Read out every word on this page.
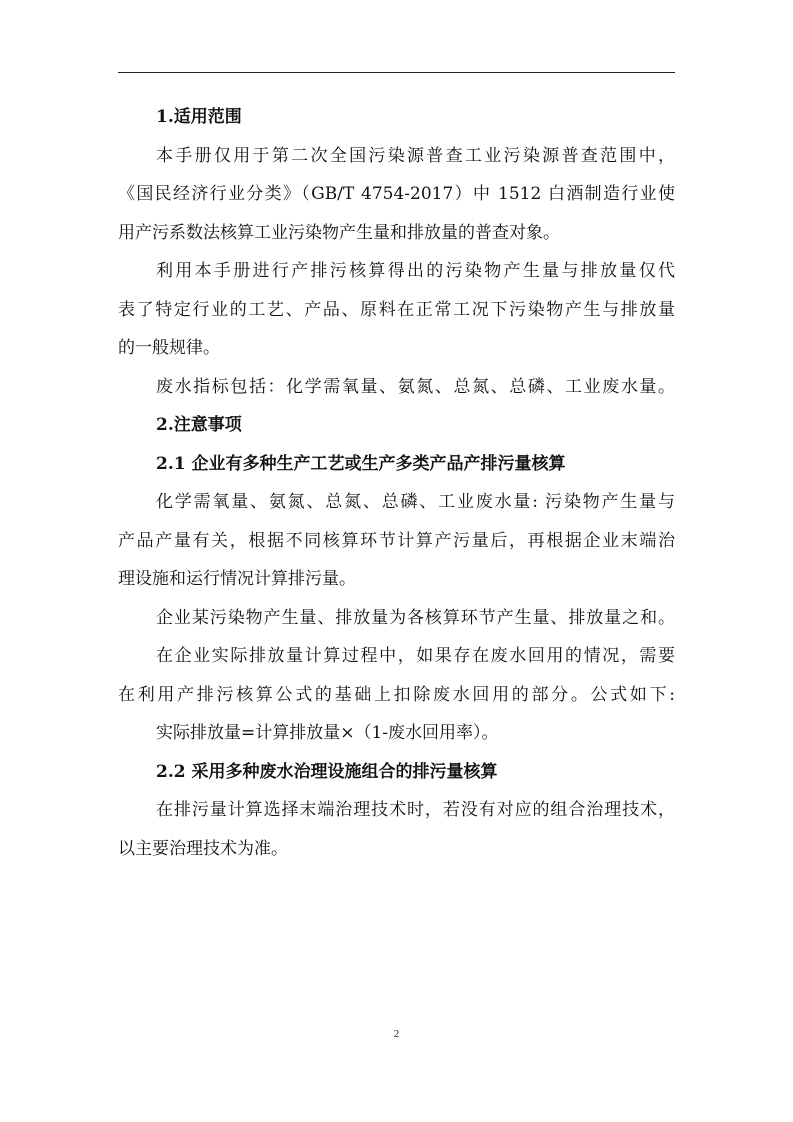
1.适用范围
本手册仅用于第二次全国污染源普查工业污染源普查范围中，
《国民经济行业分类》（GB/T 4754-2017）中 1512 白酒制造行业使
用产污系数法核算工业污染物产生量和排放量的普查对象。
利用本手册进行产排污核算得出的污染物产生量与排放量仅代
表了特定行业的工艺、产品、原料在正常工况下污染物产生与排放量
的一般规律。
废水指标包括：化学需氧量、氨氮、总氮、总磷、工业废水量。
2.注意事项
2.1 企业有多种生产工艺或生产多类产品产排污量核算
化学需氧量、氨氮、总氮、总磷、工业废水量: 污染物产生量与
产品产量有关，根据不同核算环节计算产污量后，再根据企业末端治
理设施和运行情况计算排污量。
企业某污染物产生量、排放量为各核算环节产生量、排放量之和。
在企业实际排放量计算过程中，如果存在废水回用的情况，需要
在利用产排污核算公式的基础上扣除废水回用的部分。公式如下:
实际排放量=计算排放量×（1-废水回用率）。
2.2 采用多种废水治理设施组合的排污量核算
在排污量计算选择末端治理技术时，若没有对应的组合治理技术，
以主要治理技术为准。
2
